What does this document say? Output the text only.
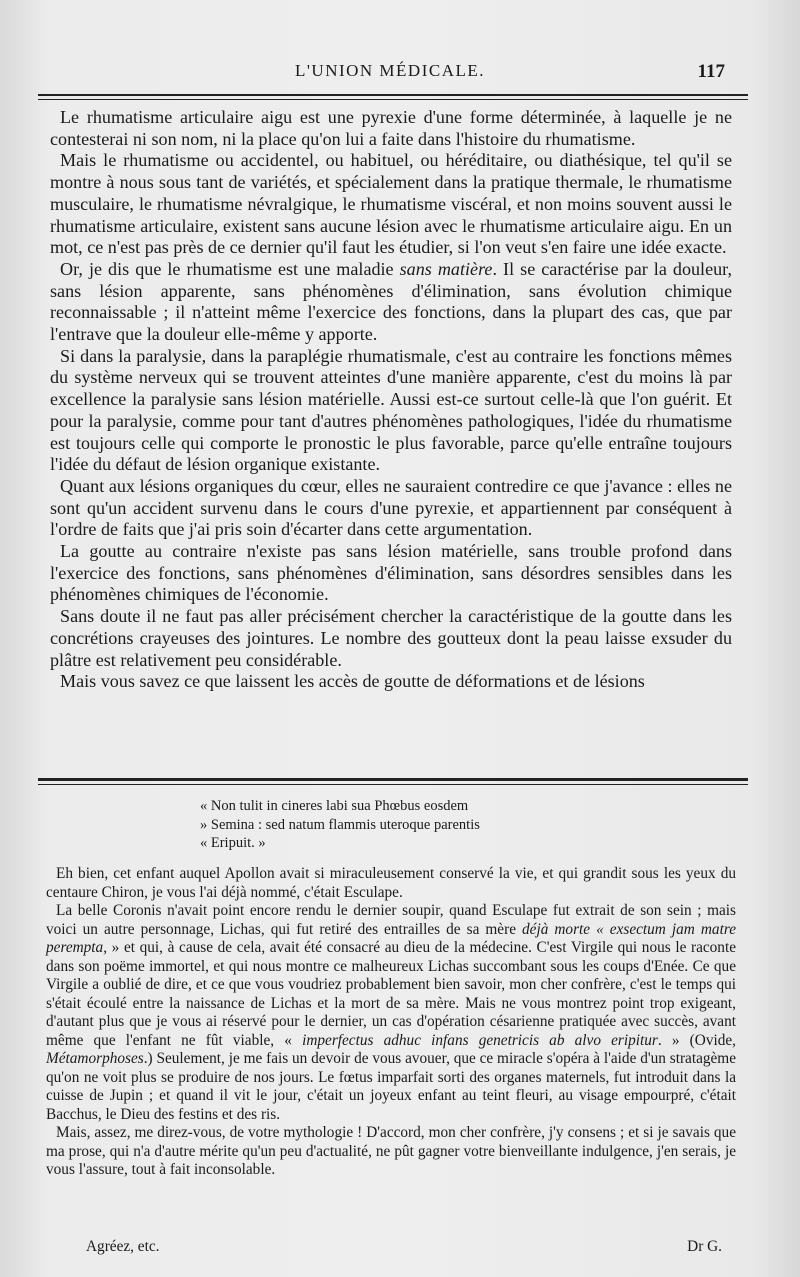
L'UNION MÉDICALE.	117

Le rhumatisme articulaire aigu est une pyrexie d'une forme déterminée, à laquelle je ne contesterai ni son nom, ni la place qu'on lui a faite dans l'histoire du rhumatisme.

Mais le rhumatisme ou accidentel, ou habituel, ou héréditaire, ou diathésique, tel qu'il se montre à nous sous tant de variétés, et spécialement dans la pratique thermale, le rhumatisme musculaire, le rhumatisme névralgique, le rhumatisme viscéral, et non moins souvent aussi le rhumatisme articulaire, existent sans aucune lésion avec le rhumatisme articulaire aigu. En un mot, ce n'est pas près de ce dernier qu'il faut les étudier, si l'on veut s'en faire une idée exacte.

Or, je dis que le rhumatisme est une maladie sans matière. Il se caractérise par la douleur, sans lésion apparente, sans phénomènes d'élimination, sans évolution chimique reconnaissable ; il n'atteint même l'exercice des fonctions, dans la plupart des cas, que par l'entrave que la douleur elle-même y apporte.

Si dans la paralysie, dans la paraplégie rhumatismale, c'est au contraire les fonctions mêmes du système nerveux qui se trouvent atteintes d'une manière apparente, c'est du moins là par excellence la paralysie sans lésion matérielle. Aussi est-ce surtout celle-là que l'on guérit. Et pour la paralysie, comme pour tant d'autres phénomènes pathologiques, l'idée du rhumatisme est toujours celle qui comporte le pronostic le plus favorable, parce qu'elle entraîne toujours l'idée du défaut de lésion organique existante.

Quant aux lésions organiques du cœur, elles ne sauraient contredire ce que j'avance : elles ne sont qu'un accident survenu dans le cours d'une pyrexie, et appartiennent par conséquent à l'ordre de faits que j'ai pris soin d'écarter dans cette argumentation.

La goutte au contraire n'existe pas sans lésion matérielle, sans trouble profond dans l'exercice des fonctions, sans phénomènes d'élimination, sans désordres sensibles dans les phénomènes chimiques de l'économie.

Sans doute il ne faut pas aller précisément chercher la caractéristique de la goutte dans les concrétions crayeuses des jointures. Le nombre des goutteux dont la peau laisse exsuder du plâtre est relativement peu considérable.

Mais vous savez ce que laissent les accès de goutte de déformations et de lésions

« Non tulit in cineres labi sua Phœbus eosdem
» Semina : sed natum flammis uteroque parentis
« Eripuit. »

Eh bien, cet enfant auquel Apollon avait si miraculeusement conservé la vie, et qui grandit sous les yeux du centaure Chiron, je vous l'ai déjà nommé, c'était Esculape.

La belle Coronis n'avait point encore rendu le dernier soupir, quand Esculape fut extrait de son sein ; mais voici un autre personnage, Lichas, qui fut retiré des entrailles de sa mère déjà morte « exsectum jam matre perempta, » et qui, à cause de cela, avait été consacré au dieu de la médecine. C'est Virgile qui nous le raconte dans son poëme immortel, et qui nous montre ce malheureux Lichas succombant sous les coups d'Enée. Ce que Virgile a oublié de dire, et ce que vous voudriez probablement bien savoir, mon cher confrère, c'est le temps qui s'était écoulé entre la naissance de Lichas et la mort de sa mère. Mais ne vous montrez point trop exigeant, d'autant plus que je vous ai réservé pour le dernier, un cas d'opération césarienne pratiquée avec succès, avant même que l'enfant ne fût viable, « imperfectus adhuc infans genetricis ab alvo eripitur. » (Ovide, Métamorphoses.) Seulement, je me fais un devoir de vous avouer, que ce miracle s'opéra à l'aide d'un stratagème qu'on ne voit plus se produire de nos jours. Le fœtus imparfait sorti des organes maternels, fut introduit dans la cuisse de Jupin ; et quand il vit le jour, c'était un joyeux enfant au teint fleuri, au visage empourpré, c'était Bacchus, le Dieu des festins et des ris.

Mais, assez, me direz-vous, de votre mythologie ! D'accord, mon cher confrère, j'y consens ; et si je savais que ma prose, qui n'a d'autre mérite qu'un peu d'actualité, ne pût gagner votre bienveillante indulgence, j'en serais, je vous l'assure, tout à fait inconsolable.

Agréez, etc.	Dr G.
